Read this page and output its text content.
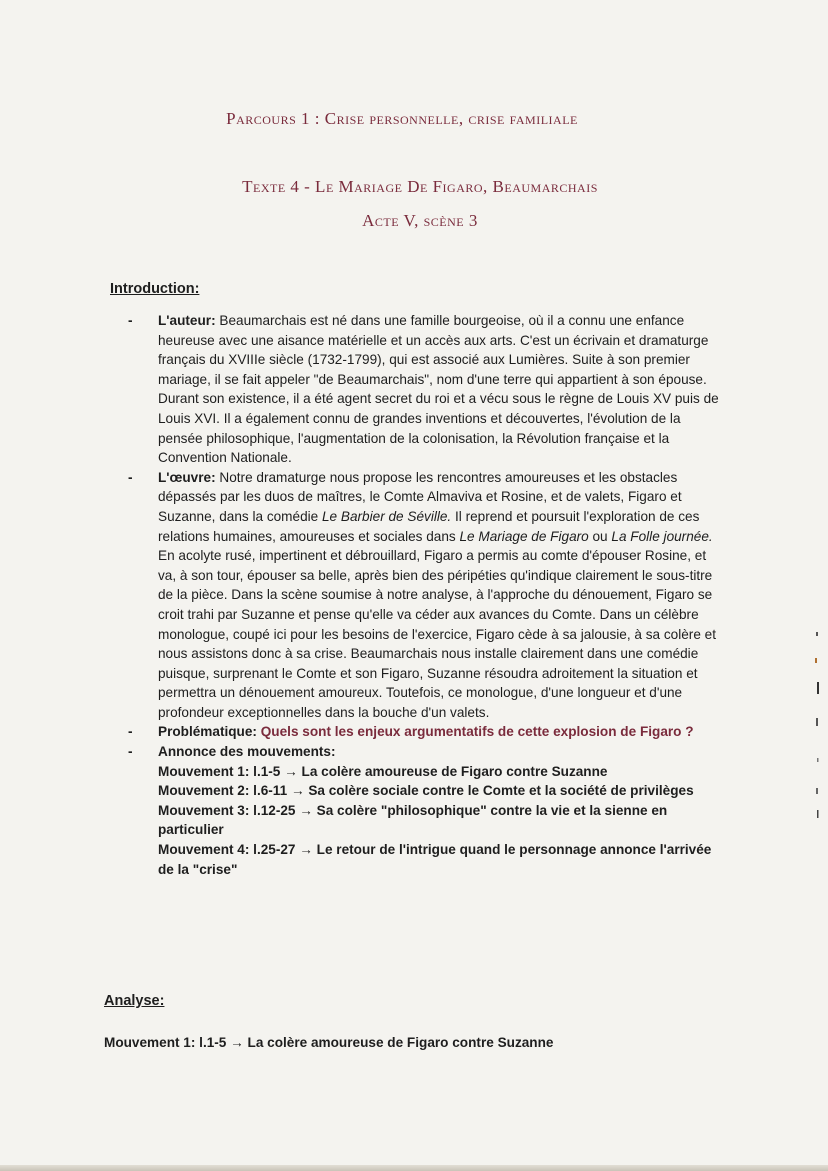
Parcours 1 : Crise personnelle, crise familiale
Texte 4 - Le Mariage De Figaro, Beaumarchais
Acte V, scène 3
Introduction:

- L'auteur: Beaumarchais est né dans une famille bourgeoise, où il a connu une enfance heureuse avec une aisance matérielle et un accès aux arts. C'est un écrivain et dramaturge français du XVIIIe siècle (1732-1799), qui est associé aux Lumières. Suite à son premier mariage, il se fait appeler "de Beaumarchais", nom d'une terre qui appartient à son épouse. Durant son existence, il a été agent secret du roi et a vécu sous le règne de Louis XV puis de Louis XVI. Il a également connu de grandes inventions et découvertes, l'évolution de la pensée philosophique, l'augmentation de la colonisation, la Révolution française et la Convention Nationale.

- L'œuvre: Notre dramaturge nous propose les rencontres amoureuses et les obstacles dépassés par les duos de maîtres, le Comte Almaviva et Rosine, et de valets, Figaro et Suzanne, dans la comédie Le Barbier de Séville. Il reprend et poursuit l'exploration de ces relations humaines, amoureuses et sociales dans Le Mariage de Figaro ou La Folle journée. En acolyte rusé, impertinent et débrouillard, Figaro a permis au comte d'épouser Rosine, et va, à son tour, épouser sa belle, après bien des péripéties qu'indique clairement le sous-titre de la pièce. Dans la scène soumise à notre analyse, à l'approche du dénouement, Figaro se croit trahi par Suzanne et pense qu'elle va céder aux avances du Comte. Dans un célèbre monologue, coupé ici pour les besoins de l'exercice, Figaro cède à sa jalousie, à sa colère et nous assistons donc à sa crise. Beaumarchais nous installe clairement dans une comédie puisque, surprenant le Comte et son Figaro, Suzanne résoudra adroitement la situation et permettra un dénouement amoureux. Toutefois, ce monologue, d'une longueur et d'une profondeur exceptionnelles dans la bouche d'un valets.

- Problématique: Quels sont les enjeux argumentatifs de cette explosion de Figaro ?

- Annonce des mouvements:

Mouvement 1: l.1-5 → La colère amoureuse de Figaro contre Suzanne

Mouvement 2: l.6-11 → Sa colère sociale contre le Comte et la société de privilèges

Mouvement 3: l.12-25 → Sa colère "philosophique" contre la vie et la sienne en particulier

Mouvement 4: l.25-27 → Le retour de l'intrigue quand le personnage annonce l'arrivée de la "crise"

Analyse:
Mouvement 1: l.1-5 → La colère amoureuse de Figaro contre Suzanne
